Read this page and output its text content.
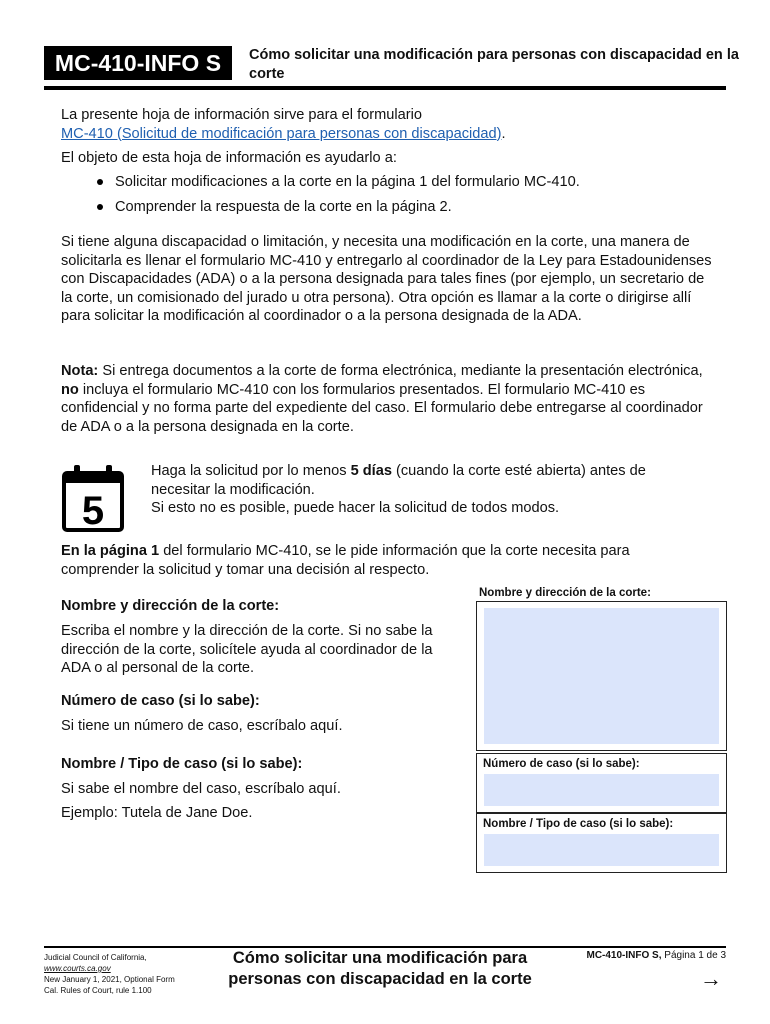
MC-410-INFO S	Cómo solicitar una modificación para personas con discapacidad en la corte
La presente hoja de información sirve para el formulario
MC-410 (Solicitud de modificación para personas con discapacidad).
El objeto de esta hoja de información es ayudarlo a:
Solicitar modificaciones a la corte en la página 1 del formulario MC-410.
Comprender la respuesta de la corte en la página 2.
Si tiene alguna discapacidad o limitación, y necesita una modificación en la corte, una manera de solicitarla es llenar el formulario MC-410 y entregarlo al coordinador de la Ley para Estadounidenses con Discapacidades (ADA) o a la persona designada para tales fines (por ejemplo, un secretario de la corte, un comisionado del jurado u otra persona). Otra opción es llamar a la corte o dirigirse allí para solicitar la modificación al coordinador o a la persona designada de la ADA.
Nota: Si entrega documentos a la corte de forma electrónica, mediante la presentación electrónica, no incluya el formulario MC-410 con los formularios presentados. El formulario MC-410 es confidencial y no forma parte del expediente del caso. El formulario debe entregarse al coordinador de ADA o a la persona designada en la corte.
5
Haga la solicitud por lo menos 5 días (cuando la corte esté abierta) antes de necesitar la modificación.
Si esto no es posible, puede hacer la solicitud de todos modos.
En la página 1 del formulario MC-410, se le pide información que la corte necesita para comprender la solicitud y tomar una decisión al respecto.
Nombre y dirección de la corte:
Escriba el nombre y la dirección de la corte. Si no sabe la dirección de la corte, solicítele ayuda al coordinador de la ADA o al personal de la corte.
Número de caso (si lo sabe):
Si tiene un número de caso, escríbalo aquí.
Nombre / Tipo de caso (si lo sabe):
Si sabe el nombre del caso, escríbalo aquí.
Ejemplo: Tutela de Jane Doe.
Nombre y dirección de la corte:
Número de caso (si lo sabe):
Nombre / Tipo de caso (si lo sabe):
Judicial Council of California,
www.courts.ca.gov
New January 1, 2021, Optional Form
Cal. Rules of Court, rule 1.100
Cómo solicitar una modificación para
personas con discapacidad en la corte
MC-410-INFO S, Página 1 de 3
→
